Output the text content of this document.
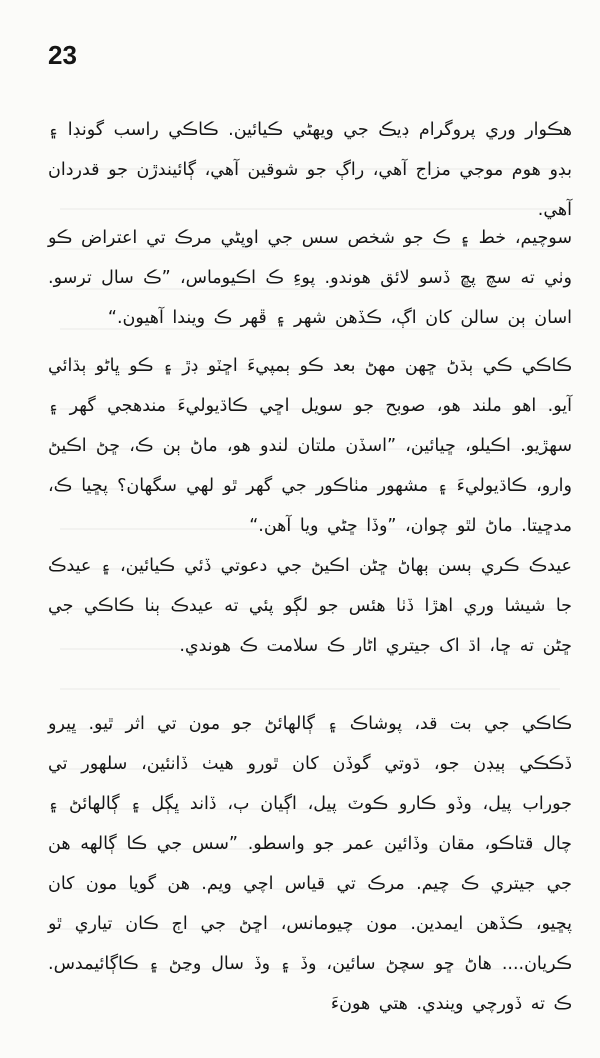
23

هڪوار وري پروگرام ڊيڪ جي ويهڻي ڪيائين. ڪاڪي راسب گونڊا ۽ بڊو هوم موجي مزاج آهي، راڳ جو شوقين آهي، ڳائيندڙن جو قدردان آهي.

سوچيم، خط ۽ ڪ جو شخص سس جي اوپڻي مرڪ تي اعتراض ڪو وٺي ته سچ پڇ ڏسو لائق هوندو. پوءِ ڪ اڪيوماس، ”ڪ سال ترسو. اسان ٻن سالن کان اڳ، ڪڏهن شهر ۽ ڦهر ڪ ويندا آهيون.“

ڪاڪي ڪي ٻڌڻ ڇهن مهڻ بعد ڪو ٻمپيءَ اڇٽو ڊڙ ۽ ڪو ڀاڻو ٻڌائي آيو. اهو ملند هو، صوبح جو سويل اڇي ڪاڌيوليءَ مندهجي گهر ۽ سهڙيو. اڪيلو، ڇيائين، ”اسڏن ملتان لندو هو، ماڻ ٻن ڪ، ڇڻ اڪيڻ وارو، ڪاڌيوليءَ ۽ مشهور مٺاڪور جي گهر ٿو لهي سگهان؟ پڇيا ڪ، مدڇيتا. ماڻ لٿو چوان، ”وڏا ڇڻي ويا آهن.“

عيدڪ ڪري ٻسن ٻهاڻ ڇڻن اڪيڻ جي دعوتي ڏئي ڪيائين، ۽ عيدڪ جا شيشا وري اهڙا ڏٺا هئس جو لڳو پئي ته عيدڪ ٻنا ڪاڪي جي ڇڻن ته ڇا، اڌ اک جيتري اڻار ڪ سلامت ڪ هوندي.

ڪاڪي جي بت قد، پوشاڪ ۽ ڳالهائڻ جو مون تي اثر ٿيو. ڀيرو ڏڪڪي ٻيڊن جو، ڌوتي گوڏن کان ٿورو هيٺ ڏانئين، سلهور تي جوراب پيل، وڏو ڪارو ڪوٽ پيل، اڳيان ٻ، ڏاند ڀڳل ۽ ڳالهائڻ ۽ چال قتاڪو، مقان وڏائين عمر جو واسطو. ”سس جي ڪا ڳالهه هن جي جيتري ڪ چيم. مرڪ تي قياس اچي ويم. هن گويا مون کان پڇيو، ڪڏهن ايمدين. مون چيومانس، اڇڻ جي اڄ ڪان تياري ٿو ڪريان.... هاڻ ڇو سچڻ سائين، وڏ ۽ وڏ سال وڃڻ ۽ ڪاڳائيمدس. ڪ ته ڏورچي ويندي. هتي هونءَ
